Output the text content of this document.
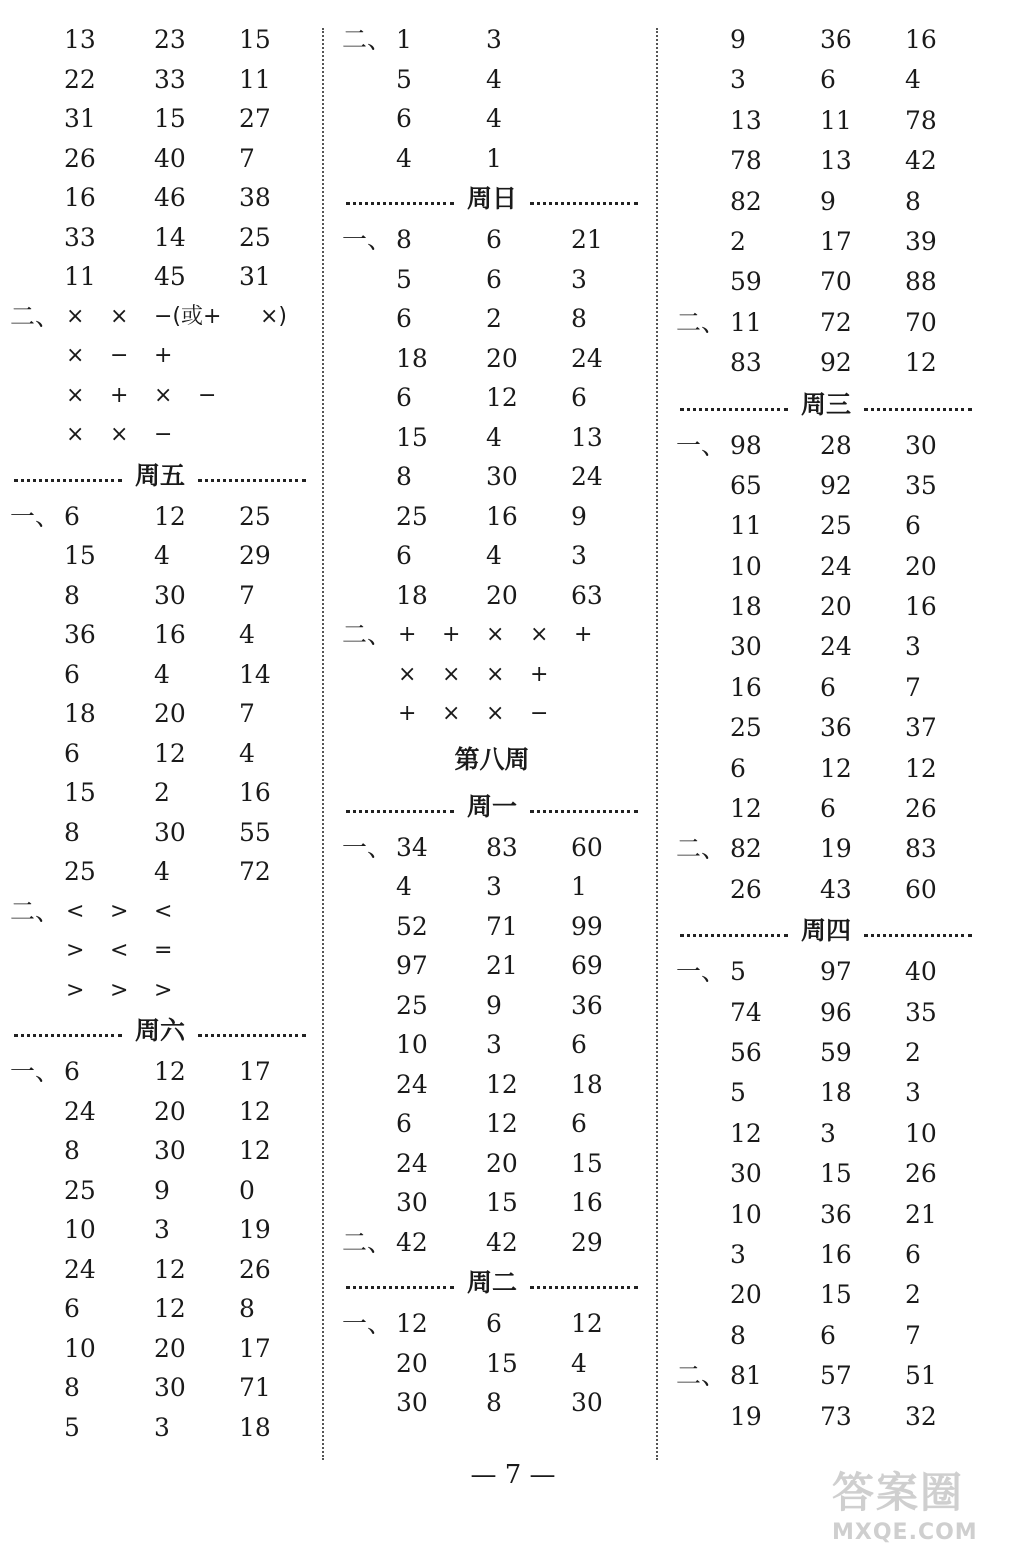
13 23 15
22 33 11
31 15 27
26 40 7
16 46 38
33 14 25
11 45 31
二、 × × −(或+ ×)
× − +
× + × −
× × −
周五
一、 6	12 25
15 4	29
8	30 7
36 16 4
6	4	14
18 20 7
6	12 4
15 2	16
8	30 55
25 4	72
二、 < > <
> < =
> > >
周六
一、 6	12 17
24 20 12
8	30 12
25 9	0
10 3	19
24 12 26
6	12 8
10 20 17
8	30 71
5	3	18
二、 1	3
5	4
6	4
4	1
周日
一、 8	6	21
5	6	3
6	2	8
18 20 24
6	12 6
15 4	13
8	30 24
25 16 9
6	4	3
18 20 63
二、 + + × × +
× × × +
+ × × −
第八周
周一
一、 34 83 60
4	3	1
52 71 99
97 21 69
25 9	36
10 3	6
24 12 18
6	12 6
24 20 15
30 15 16
二、 42 42 29
周二
一、 12 6	12
20 15 4
30 8	30
9	36 16
3	6	4
13 11 78
78 13 42
82 9	8
2	17 39
59 70 88
二、 11 72 70
83 92 12
周三
一、 98 28 30
65 92 35
11 25 6
10 24 20
18 20 16
30 24 3
16 6	7
25 36 37
6	12 12
12 6	26
二、 82 19 83
26 43 60
周四
一、 5	97 40
74 96 35
56 59 2
5	18 3
12 3	10
30 15 26
10 36 21
3	16 6
20 15 2
8	6	7
二、 81 57 51
19 73 32
— 7 —	答案圈
MXQE.COM
